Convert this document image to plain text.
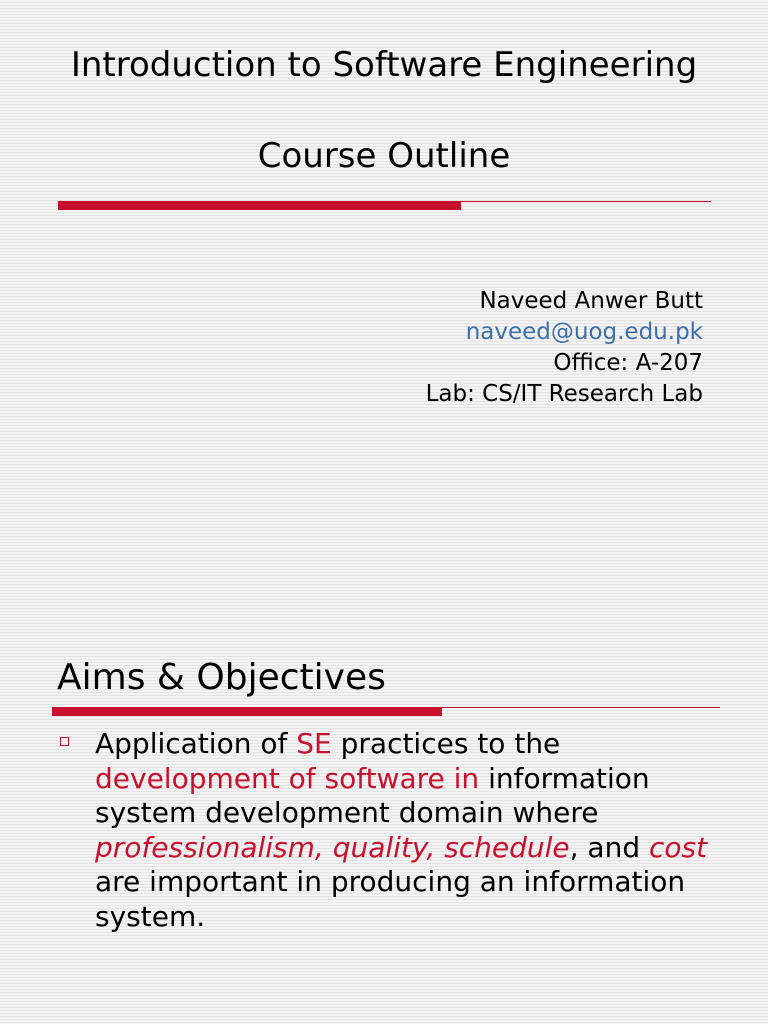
Introduction to Software Engineering
Course Outline
Naveed Anwer Butt
naveed@uog.edu.pk
Office: A-207
Lab: CS/IT Research Lab
Aims & Objectives
Application of SE practices to the development of software in information system development domain where professionalism, quality, schedule, and cost are important in producing an information system.
